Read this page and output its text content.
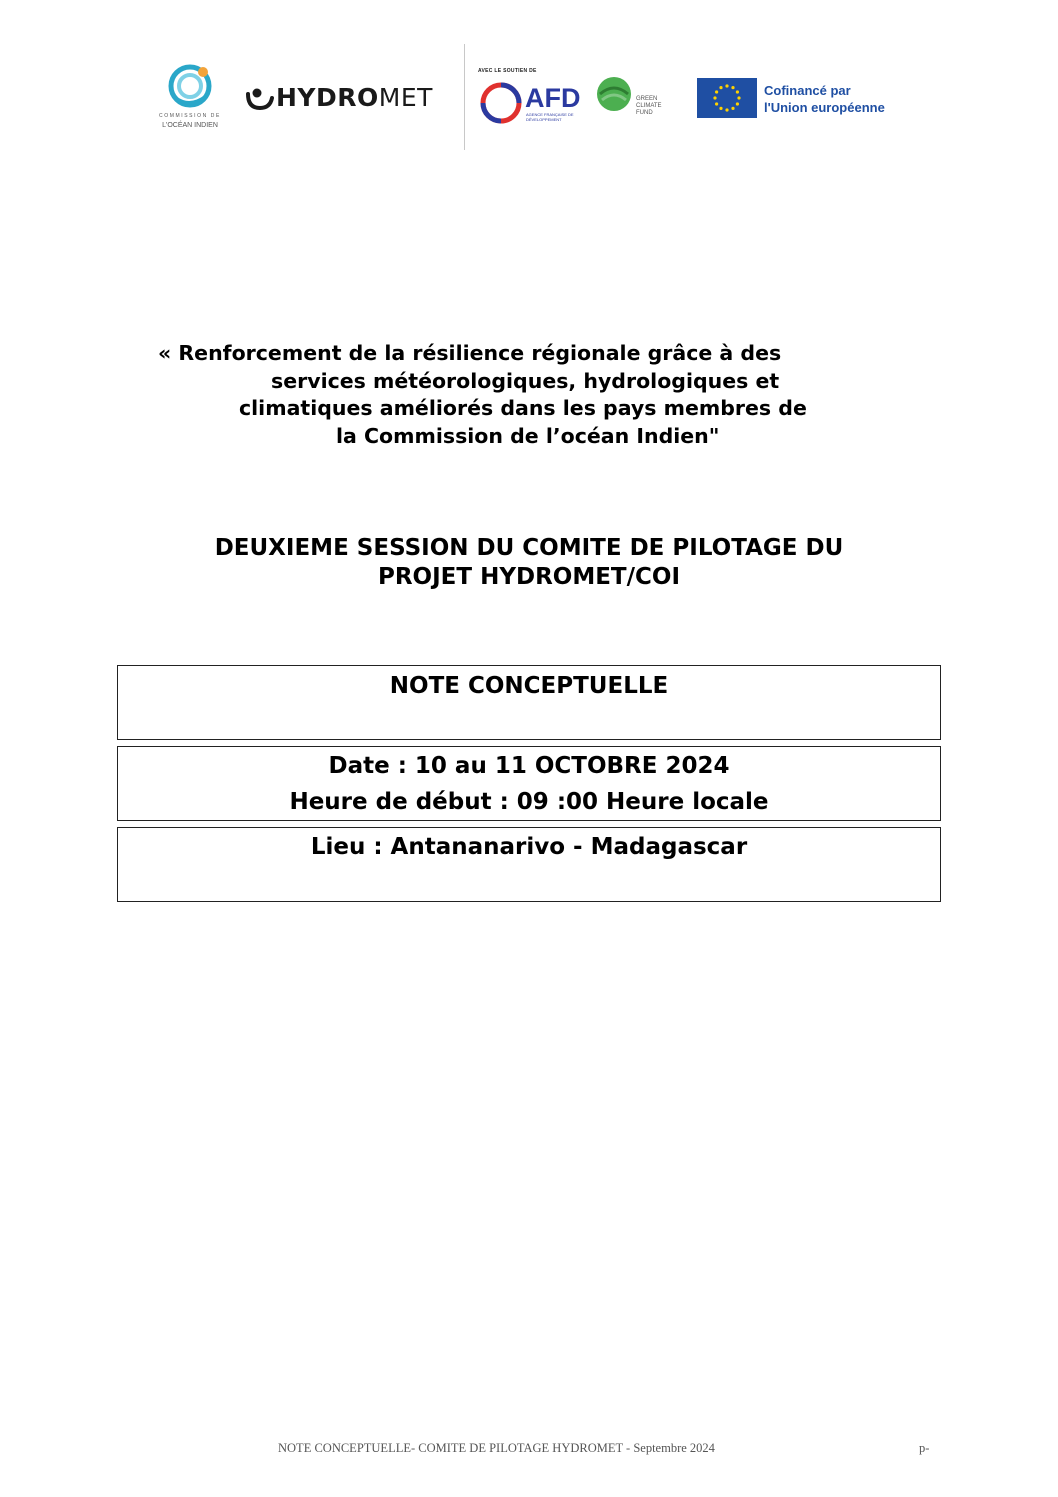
COMMISSION DE
L'OCÉAN INDIEN
HYDRO MET
AVEC LE SOUTIEN DE
AFD
AGENCE FRANÇAISE DE DÉVELOPPEMENT
GREEN
CLIMATE
FUND
Cofinancé par
l'Union européenne
« Renforcement de la résilience régionale grâce à des
services météorologiques, hydrologiques et
climatiques améliorés dans les pays membres de
la Commission de l’océan Indien"
DEUXIEME SESSION DU COMITE DE PILOTAGE DU
PROJET HYDROMET/COI
NOTE CONCEPTUELLE
Date : 10 au 11 OCTOBRE 2024
Heure de début : 09 :00 Heure locale
Lieu : Antananarivo - Madagascar
NOTE CONCEPTUELLE- COMITE DE PILOTAGE HYDROMET - Septembre 2024	p-
